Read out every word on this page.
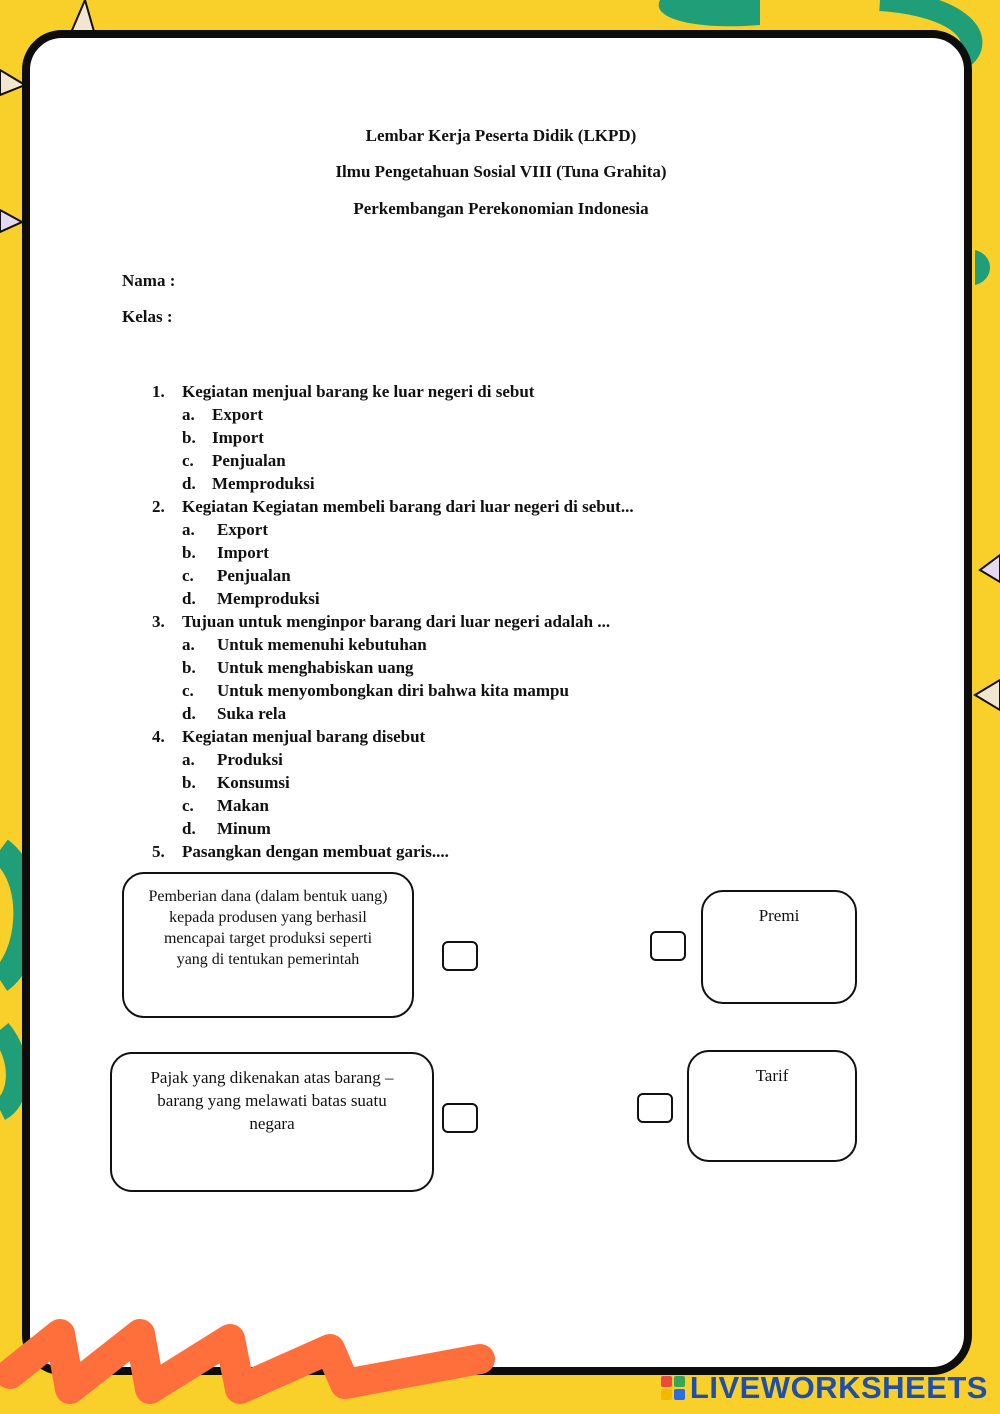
Lembar Kerja Peserta Didik (LKPD)
Ilmu Pengetahuan Sosial VIII (Tuna Grahita)
Perkembangan Perekonomian Indonesia
Nama :
Kelas :
1.	Kegiatan menjual barang ke luar negeri di sebut
a.	Export
b. Import
c.	Penjualan
d. Memproduksi
2.	Kegiatan Kegiatan membeli barang dari luar negeri di sebut...
a.	Export
b.	Import
c.	Penjualan
d.	Memproduksi
3.	Tujuan untuk menginpor barang dari luar negeri adalah ...
a.	Untuk memenuhi kebutuhan
b.	Untuk menghabiskan uang
c.	Untuk menyombongkan diri bahwa kita mampu
d.	Suka rela
4.	Kegiatan menjual barang disebut
a.	Produksi
b.	Konsumsi
c.	Makan
d.	Minum
5.	Pasangkan dengan membuat garis....
Pemberian dana (dalam bentuk uang)
kepada produsen yang berhasil
mencapai target produksi seperti
yang di tentukan pemerintah
Premi
Pajak yang dikenakan atas barang –
barang yang melawati batas suatu
negara
Tarif
LIVEWORKSHEETS
